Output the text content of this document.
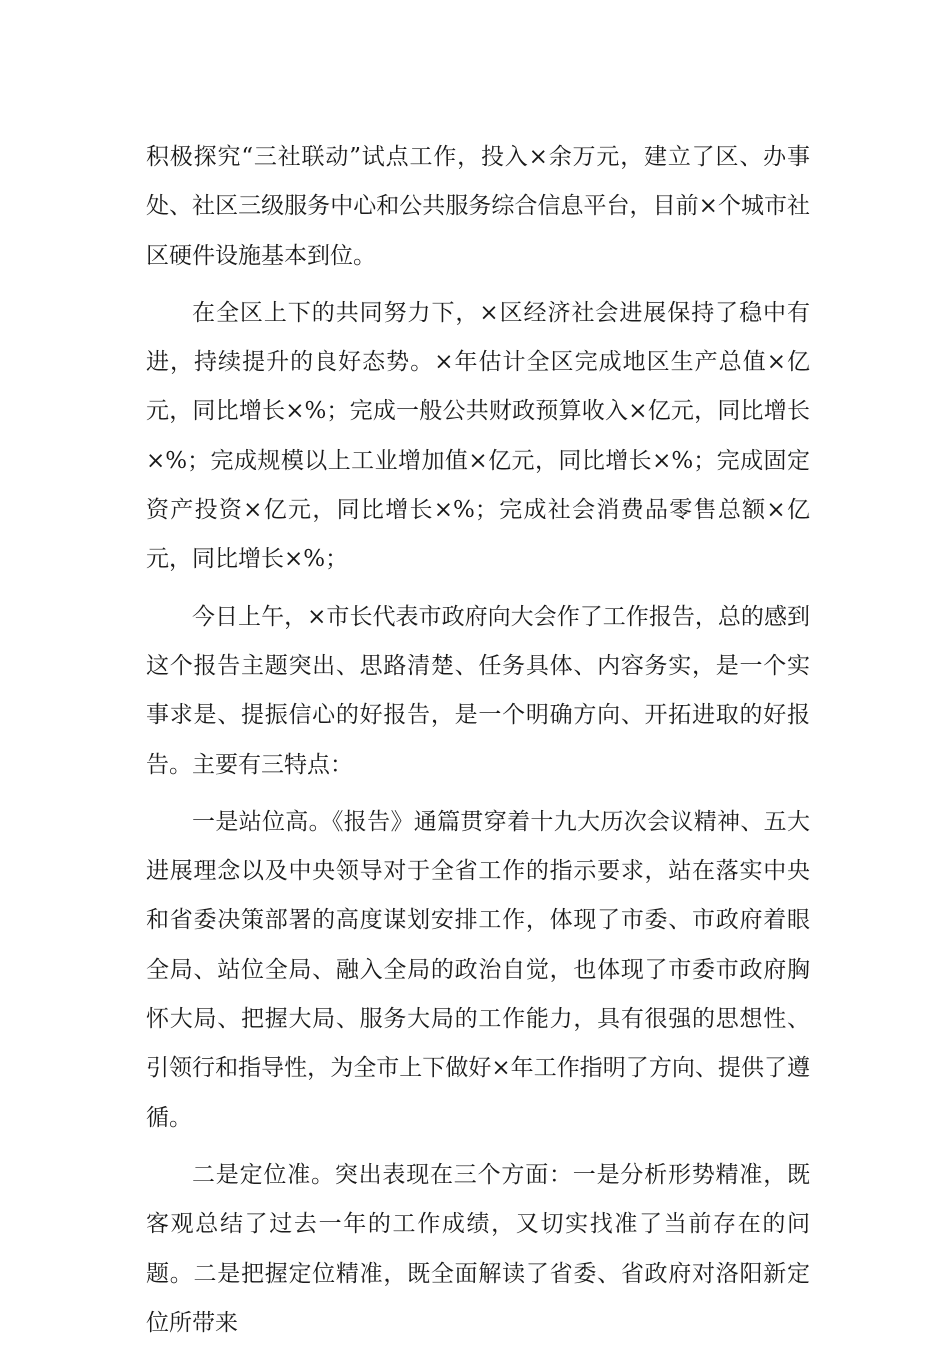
积极探究“三社联动”试点工作，投入×余万元，建立了区、办事处、社区三级服务中心和公共服务综合信息平台，目前×个城市社区硬件设施基本到位。

在全区上下的共同努力下，×区经济社会进展保持了稳中有进，持续提升的良好态势。×年估计全区完成地区生产总值×亿元，同比增长×%；完成一般公共财政预算收入×亿元，同比增长×%；完成规模以上工业增加值×亿元，同比增长×%；完成固定资产投资×亿元，同比增长×%；完成社会消费品零售总额×亿元，同比增长×%；

今日上午，×市长代表市政府向大会作了工作报告，总的感到这个报告主题突出、思路清楚、任务具体、内容务实，是一个实事求是、提振信心的好报告，是一个明确方向、开拓进取的好报告。主要有三特点：

一是站位高。《报告》通篇贯穿着十九大历次会议精神、五大进展理念以及中央领导对于全省工作的指示要求，站在落实中央和省委决策部署的高度谋划安排工作，体现了市委、市政府着眼全局、站位全局、融入全局的政治自觉，也体现了市委市政府胸怀大局、把握大局、服务大局的工作能力，具有很强的思想性、引领行和指导性，为全市上下做好×年工作指明了方向、提供了遵循。

二是定位准。突出表现在三个方面：一是分析形势精准，既客观总结了过去一年的工作成绩，又切实找准了当前存在的问题。二是把握定位精准，既全面解读了省委、省政府对洛阳新定位所带来
